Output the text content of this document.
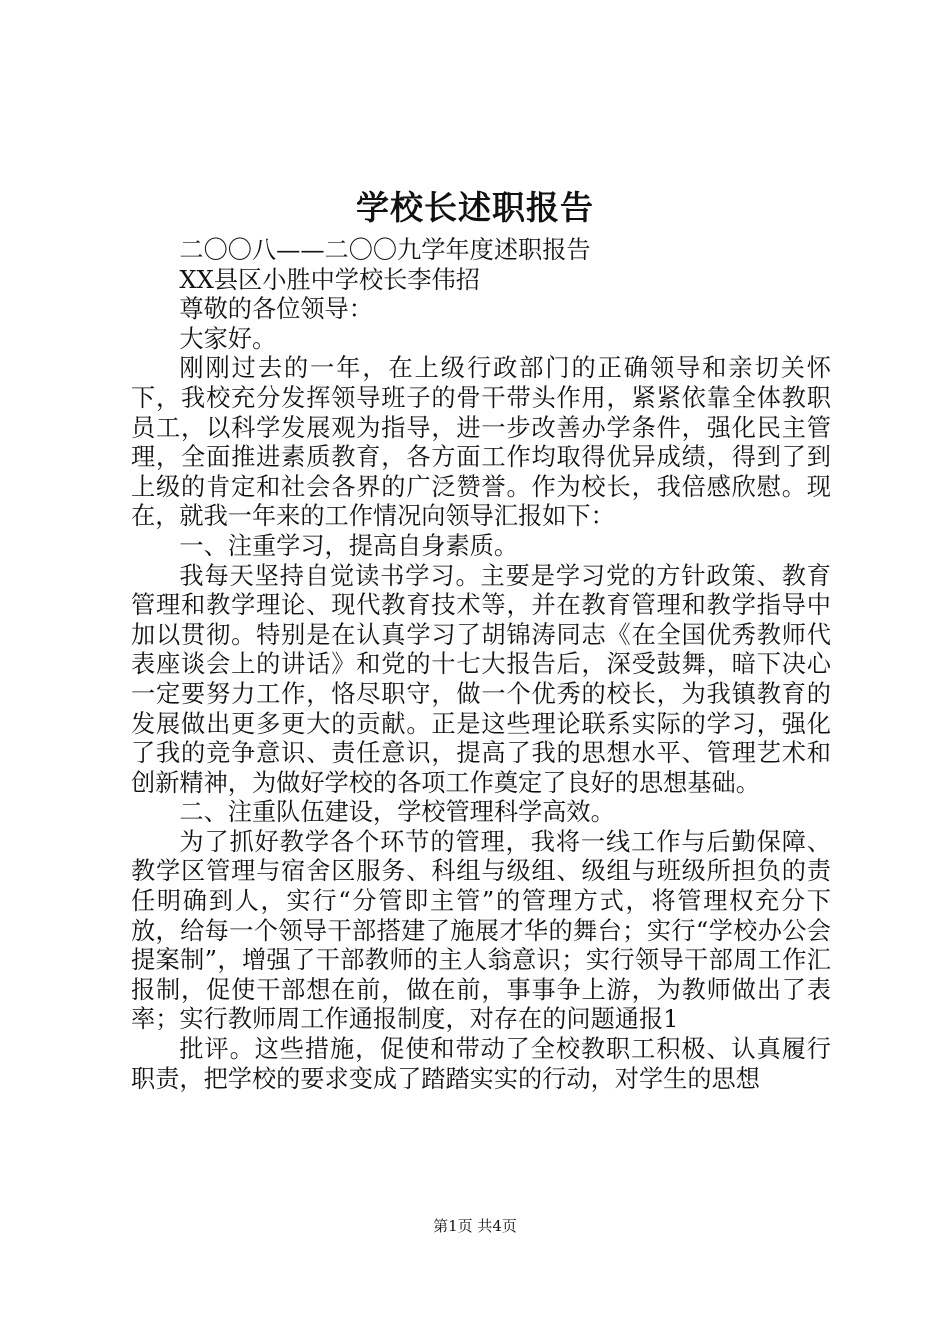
学校长述职报告

二〇〇八——二〇〇九学年度述职报告

XX县区小胜中学校长李伟招

尊敬的各位领导：

大家好。

刚刚过去的一年，在上级行政部门的正确领导和亲切关怀下，我校充分发挥领导班子的骨干带头作用，紧紧依靠全体教职员工，以科学发展观为指导，进一步改善办学条件，强化民主管理，全面推进素质教育，各方面工作均取得优异成绩，得到了到上级的肯定和社会各界的广泛赞誉。作为校长，我倍感欣慰。现在，就我一年来的工作情况向领导汇报如下：

一、注重学习，提高自身素质。

我每天坚持自觉读书学习。主要是学习党的方针政策、教育管理和教学理论、现代教育技术等，并在教育管理和教学指导中加以贯彻。特别是在认真学习了胡锦涛同志《在全国优秀教师代表座谈会上的讲话》和党的十七大报告后，深受鼓舞，暗下决心一定要努力工作，恪尽职守，做一个优秀的校长，为我镇教育的发展做出更多更大的贡献。正是这些理论联系实际的学习，强化了我的竞争意识、责任意识，提高了我的思想水平、管理艺术和创新精神，为做好学校的各项工作奠定了良好的思想基础。

二、注重队伍建设，学校管理科学高效。

为了抓好教学各个环节的管理，我将一线工作与后勤保障、教学区管理与宿舍区服务、科组与级组、级组与班级所担负的责任明确到人，实行“分管即主管”的管理方式，将管理权充分下放，给每一个领导干部搭建了施展才华的舞台；实行“学校办公会提案制”，增强了干部教师的主人翁意识；实行领导干部周工作汇报制，促使干部想在前，做在前，事事争上游，为教师做出了表率；实行教师周工作通报制度，对存在的问题通报1

批评。这些措施，促使和带动了全校教职工积极、认真履行职责，把学校的要求变成了踏踏实实的行动，对学生的思想

第1页 共4页
